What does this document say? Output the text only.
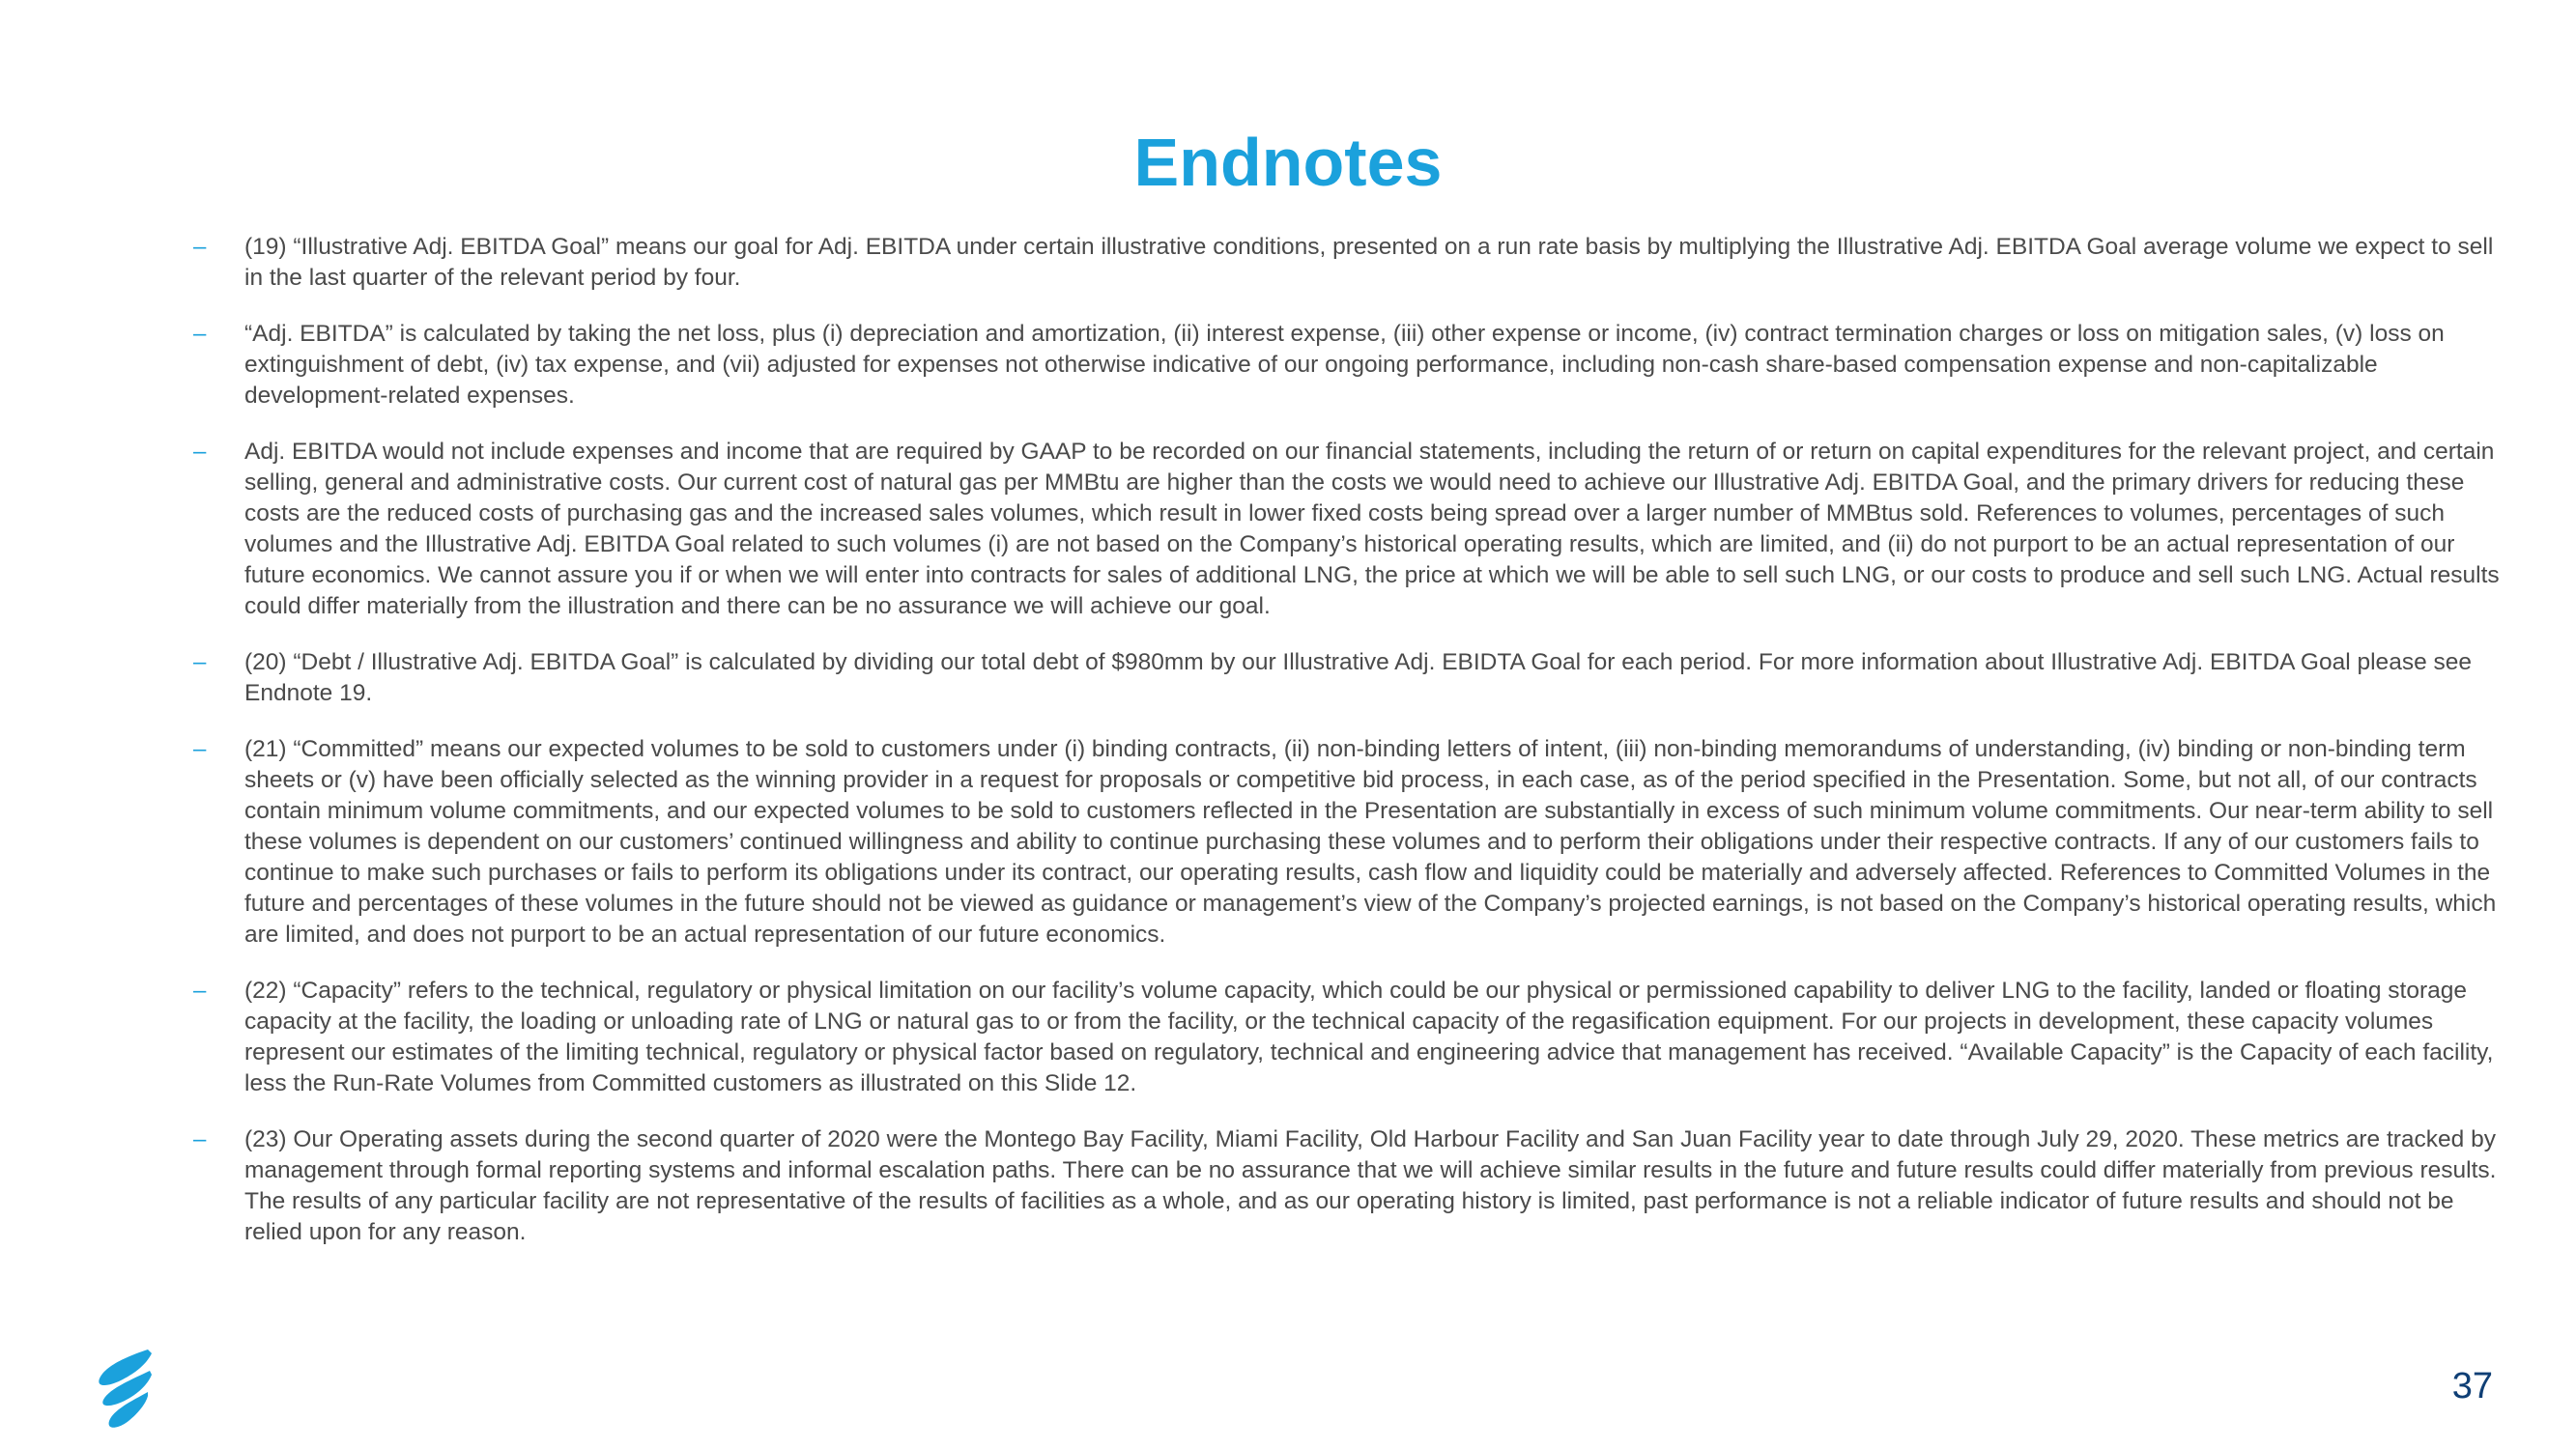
Endnotes
– (19) “Illustrative Adj. EBITDA Goal” means our goal for Adj. EBITDA under certain illustrative conditions, presented on a run rate basis by multiplying the Illustrative Adj. EBITDA Goal average volume we expect to sell in the last quarter of the relevant period by four.
– “Adj. EBITDA” is calculated by taking the net loss, plus (i) depreciation and amortization, (ii) interest expense, (iii) other expense or income, (iv) contract termination charges or loss on mitigation sales, (v) loss on extinguishment of debt, (iv) tax expense, and (vii) adjusted for expenses not otherwise indicative of our ongoing performance, including non-cash share-based compensation expense and non-capitalizable development-related expenses.
– Adj. EBITDA would not include expenses and income that are required by GAAP to be recorded on our financial statements, including the return of or return on capital expenditures for the relevant project, and certain selling, general and administrative costs. Our current cost of natural gas per MMBtu are higher than the costs we would need to achieve our Illustrative Adj. EBITDA Goal, and the primary drivers for reducing these costs are the reduced costs of purchasing gas and the increased sales volumes, which result in lower fixed costs being spread over a larger number of MMBtus sold. References to volumes, percentages of such volumes and the Illustrative Adj. EBITDA Goal related to such volumes (i) are not based on the Company’s historical operating results, which are limited, and (ii) do not purport to be an actual representation of our future economics. We cannot assure you if or when we will enter into contracts for sales of additional LNG, the price at which we will be able to sell such LNG, or our costs to produce and sell such LNG. Actual results could differ materially from the illustration and there can be no assurance we will achieve our goal.
– (20) “Debt / Illustrative Adj. EBITDA Goal” is calculated by dividing our total debt of $980mm by our Illustrative Adj. EBIDTA Goal for each period. For more information about Illustrative Adj. EBITDA Goal please see Endnote 19.
– (21) “Committed” means our expected volumes to be sold to customers under (i) binding contracts, (ii) non-binding letters of intent, (iii) non-binding memorandums of understanding, (iv) binding or non-binding term sheets or (v) have been officially selected as the winning provider in a request for proposals or competitive bid process, in each case, as of the period specified in the Presentation. Some, but not all, of our contracts contain minimum volume commitments, and our expected volumes to be sold to customers reflected in the Presentation are substantially in excess of such minimum volume commitments. Our near-term ability to sell these volumes is dependent on our customers’ continued willingness and ability to continue purchasing these volumes and to perform their obligations under their respective contracts. If any of our customers fails to continue to make such purchases or fails to perform its obligations under its contract, our operating results, cash flow and liquidity could be materially and adversely affected. References to Committed Volumes in the future and percentages of these volumes in the future should not be viewed as guidance or management’s view of the Company’s projected earnings, is not based on the Company’s historical operating results, which are limited, and does not purport to be an actual representation of our future economics.
– (22) “Capacity” refers to the technical, regulatory or physical limitation on our facility’s volume capacity, which could be our physical or permissioned capability to deliver LNG to the facility, landed or floating storage capacity at the facility, the loading or unloading rate of LNG or natural gas to or from the facility, or the technical capacity of the regasification equipment. For our projects in development, these capacity volumes represent our estimates of the limiting technical, regulatory or physical factor based on regulatory, technical and engineering advice that management has received. “Available Capacity” is the Capacity of each facility, less the Run-Rate Volumes from Committed customers as illustrated on this Slide 12.
– (23) Our Operating assets during the second quarter of 2020 were the Montego Bay Facility, Miami Facility, Old Harbour Facility and San Juan Facility year to date through July 29, 2020. These metrics are tracked by management through formal reporting systems and informal escalation paths. There can be no assurance that we will achieve similar results in the future and future results could differ materially from previous results. The results of any particular facility are not representative of the results of facilities as a whole, and as our operating history is limited, past performance is not a reliable indicator of future results and should not be relied upon for any reason.
37
